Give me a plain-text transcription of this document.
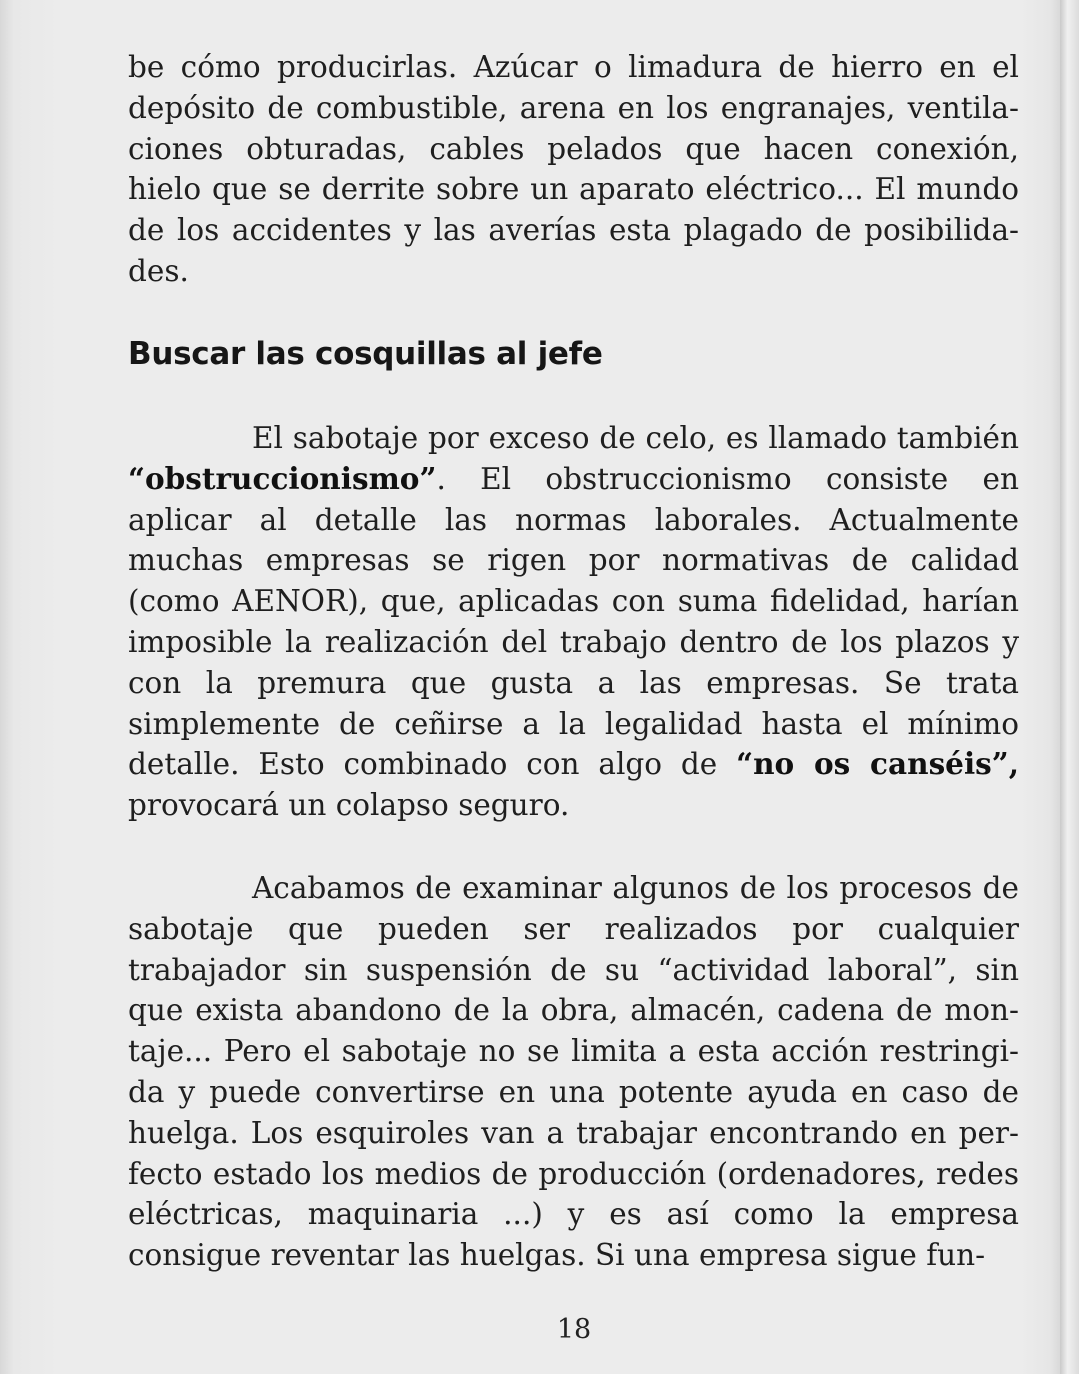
be cómo producirlas. Azúcar o limadura de hierro en el depósito de combustible, arena en los engranajes, ventilaciones obturadas, cables pelados que hacen conexión, hielo que se derrite sobre un aparato eléctrico... El mundo de los accidentes y las averías esta plagado de posibilidades.

Buscar las cosquillas al jefe

El sabotaje por exceso de celo, es llamado también “obstruccionismo”. El obstruccionismo consiste en aplicar al detalle las normas laborales. Actualmente muchas empresas se rigen por normativas de calidad (como AENOR), que, aplicadas con suma fidelidad, harían imposible la realización del trabajo dentro de los plazos y con la premura que gusta a las empresas. Se trata simplemente de ceñirse a la legalidad hasta el mínimo detalle. Esto combinado con algo de “no os canséis”, provocará un colapso seguro.

Acabamos de examinar algunos de los procesos de sabotaje que pueden ser realizados por cualquier trabajador sin suspensión de su “actividad laboral”, sin que exista abandono de la obra, almacén, cadena de montaje... Pero el sabotaje no se limita a esta acción restringida y puede convertirse en una potente ayuda en caso de huelga. Los esquiroles van a trabajar encontrando en perfecto estado los medios de producción (ordenadores, redes eléctricas, maquinaria ...) y es así como la empresa consigue reventar las huelgas. Si una empresa sigue fun-

18
